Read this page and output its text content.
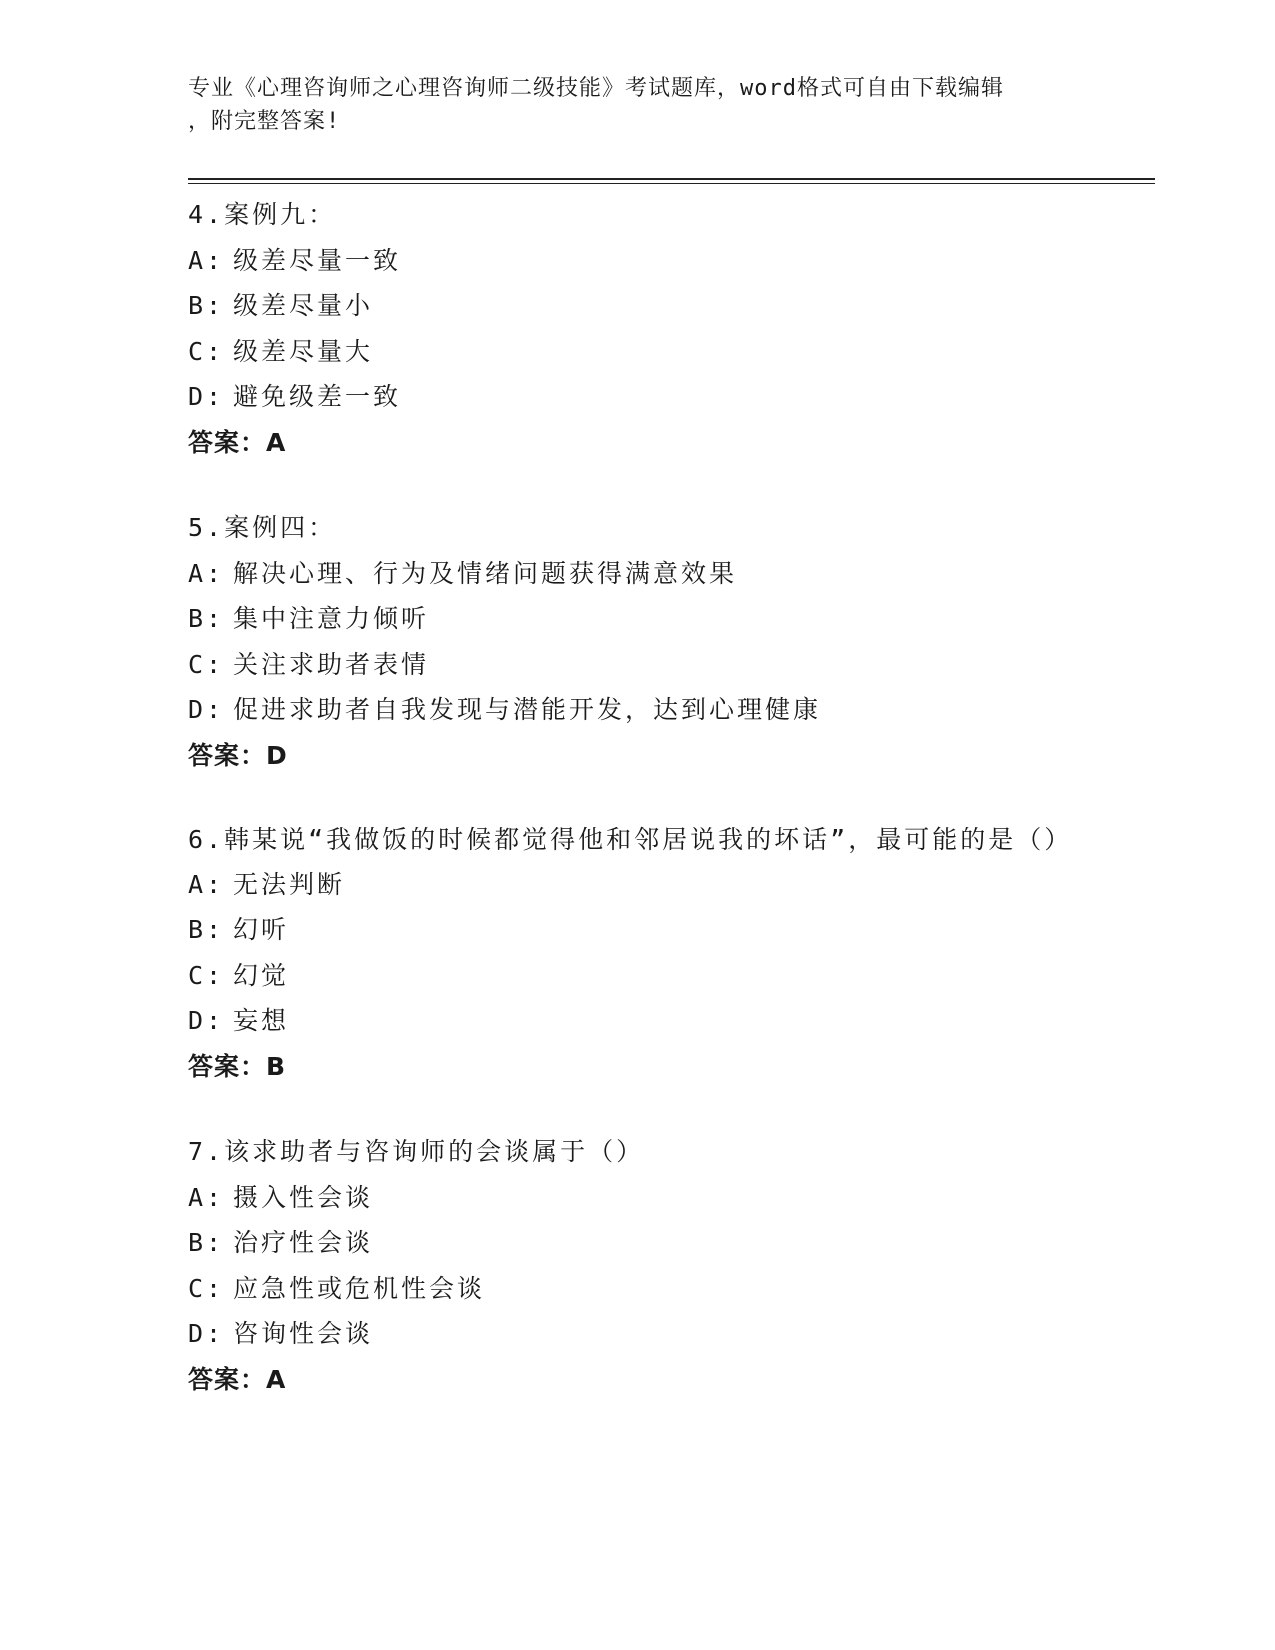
专业《心理咨询师之心理咨询师二级技能》考试题库，word格式可自由下载编辑
，附完整答案!
4.案例九：
A: 级差尽量一致
B: 级差尽量小
C: 级差尽量大
D: 避免级差一致
答案：A
5.案例四：
A: 解决心理、行为及情绪问题获得满意效果
B: 集中注意力倾听
C: 关注求助者表情
D: 促进求助者自我发现与潜能开发，达到心理健康
答案：D
6.韩某说“我做饭的时候都觉得他和邻居说我的坏话”，最可能的是（）
A: 无法判断
B: 幻听
C: 幻觉
D: 妄想
答案：B
7.该求助者与咨询师的会谈属于（）
A: 摄入性会谈
B: 治疗性会谈
C: 应急性或危机性会谈
D: 咨询性会谈
答案：A
